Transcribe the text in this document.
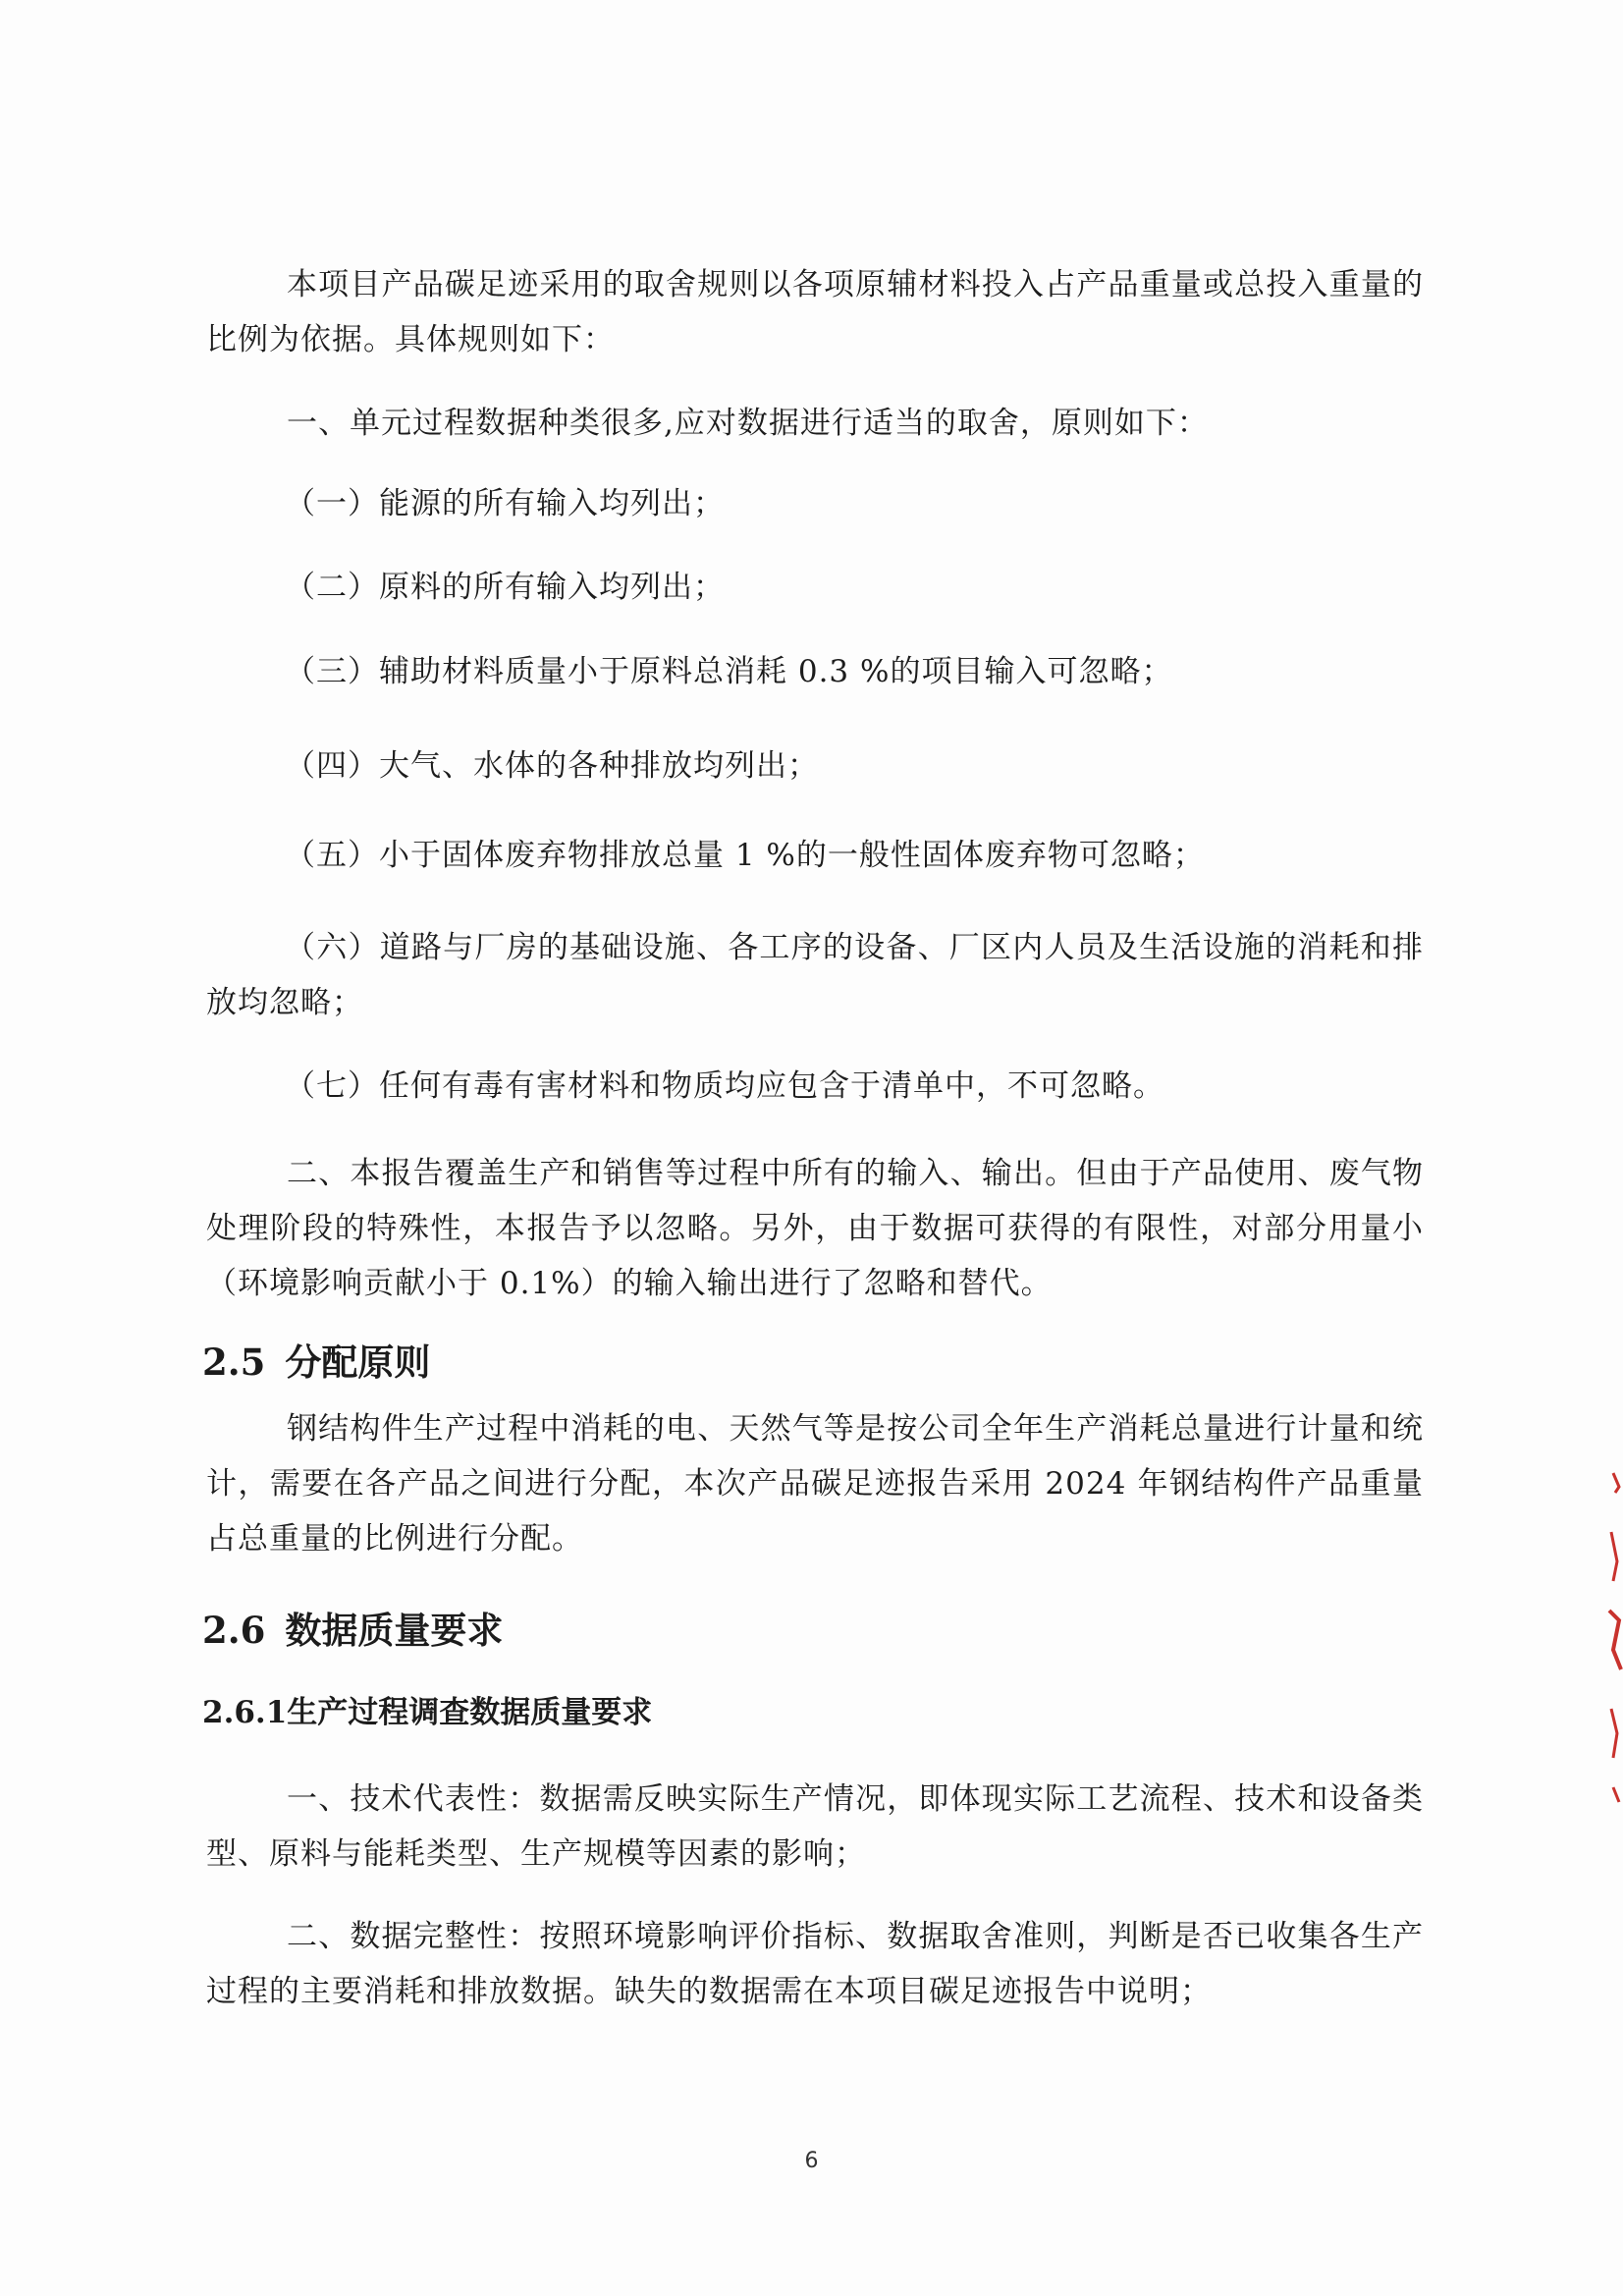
本项目产品碳足迹采用的取舍规则以各项原辅材料投入占产品重量或总投入重量的比例为依据。具体规则如下：

一、单元过程数据种类很多,应对数据进行适当的取舍，原则如下：

（一）能源的所有输入均列出；

（二）原料的所有输入均列出；

（三）辅助材料质量小于原料总消耗 0.3 %的项目输入可忽略；

（四）大气、水体的各种排放均列出；

（五）小于固体废弃物排放总量 1 %的一般性固体废弃物可忽略；

（六）道路与厂房的基础设施、各工序的设备、厂区内人员及生活设施的消耗和排放均忽略；

（七）任何有毒有害材料和物质均应包含于清单中，不可忽略。

二、本报告覆盖生产和销售等过程中所有的输入、输出。但由于产品使用、废气物处理阶段的特殊性，本报告予以忽略。另外，由于数据可获得的有限性，对部分用量小（环境影响贡献小于 0.1%）的输入输出进行了忽略和替代。

2.5 分配原则

钢结构件生产过程中消耗的电、天然气等是按公司全年生产消耗总量进行计量和统计，需要在各产品之间进行分配，本次产品碳足迹报告采用 2024 年钢结构件产品重量占总重量的比例进行分配。

2.6 数据质量要求
2.6.1生产过程调查数据质量要求

一、技术代表性：数据需反映实际生产情况，即体现实际工艺流程、技术和设备类型、原料与能耗类型、生产规模等因素的影响；

二、数据完整性：按照环境影响评价指标、数据取舍准则，判断是否已收集各生产过程的主要消耗和排放数据。缺失的数据需在本项目碳足迹报告中说明；

6
